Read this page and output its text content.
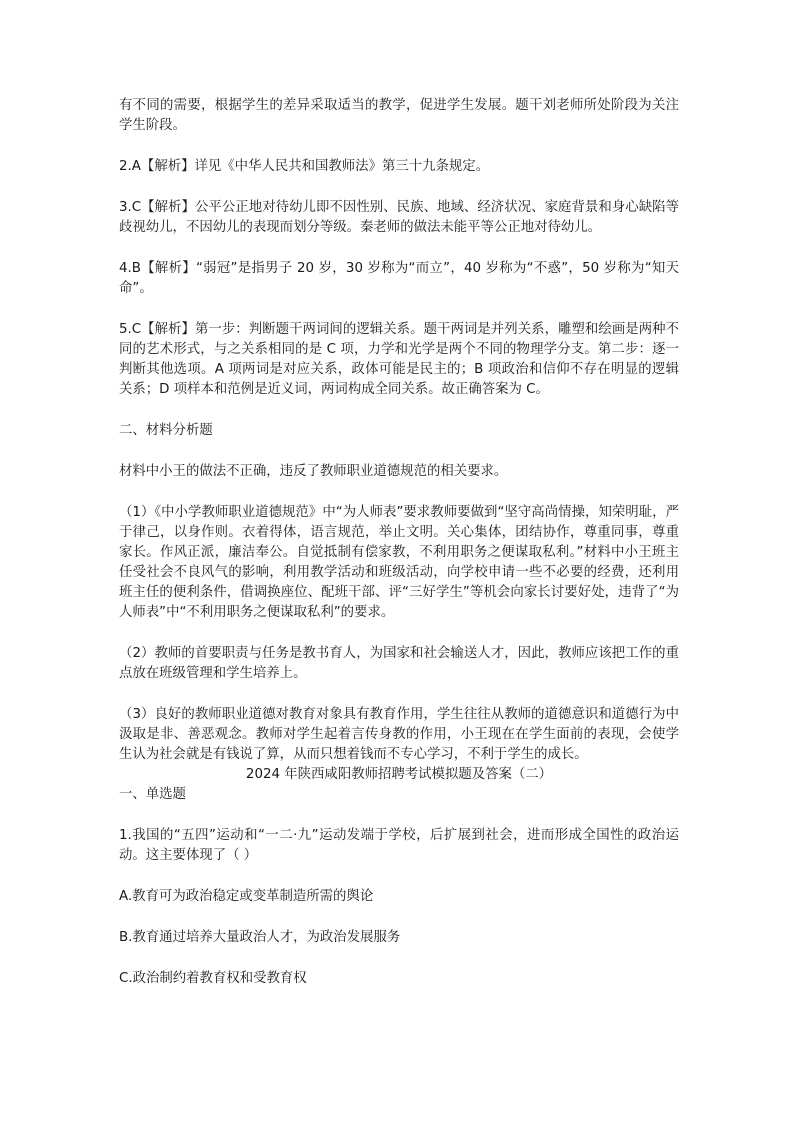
有不同的需要，根据学生的差异采取适当的教学，促进学生发展。题干刘老师所处阶段为关注学生阶段。

2.A【解析】详见《中华人民共和国教师法》第三十九条规定。

3.C【解析】公平公正地对待幼儿即不因性别、民族、地域、经济状况、家庭背景和身心缺陷等歧视幼儿，不因幼儿的表现而划分等级。秦老师的做法未能平等公正地对待幼儿。

4.B【解析】“弱冠”是指男子 20 岁，30 岁称为“而立”，40 岁称为“不惑”，50 岁称为“知天命”。

5.C【解析】第一步：判断题干两词间的逻辑关系。题干两词是并列关系，雕塑和绘画是两种不同的艺术形式，与之关系相同的是 C 项，力学和光学是两个不同的物理学分支。第二步：逐一判断其他选项。A 项两词是对应关系，政体可能是民主的；B 项政治和信仰不存在明显的逻辑关系；D 项样本和范例是近义词，两词构成全同关系。故正确答案为 C。

二、材料分析题

材料中小王的做法不正确，违反了教师职业道德规范的相关要求。

（1）《中小学教师职业道德规范》中“为人师表”要求教师要做到“坚守高尚情操，知荣明耻，严于律己，以身作则。衣着得体，语言规范，举止文明。关心集体，团结协作，尊重同事，尊重家长。作风正派，廉洁奉公。自觉抵制有偿家教，不利用职务之便谋取私利。”材料中小王班主任受社会不良风气的影响，利用教学活动和班级活动，向学校申请一些不必要的经费，还利用班主任的便利条件，借调换座位、配班干部、评“三好学生”等机会向家长讨要好处，违背了“为人师表”中“不利用职务之便谋取私利”的要求。

（2）教师的首要职责与任务是教书育人，为国家和社会输送人才，因此，教师应该把工作的重点放在班级管理和学生培养上。

（3）良好的教师职业道德对教育对象具有教育作用，学生往往从教师的道德意识和道德行为中汲取是非、善恶观念。教师对学生起着言传身教的作用，小王现在在学生面前的表现，会使学生认为社会就是有钱说了算，从而只想着钱而不专心学习，不利于学生的成长。

2024 年陕西咸阳教师招聘考试模拟题及答案（二）

一、单选题

1.我国的“五四”运动和“一二·九”运动发端于学校，后扩展到社会，进而形成全国性的政治运动。这主要体现了（ ）

A.教育可为政治稳定或变革制造所需的舆论

B.教育通过培养大量政治人才，为政治发展服务

C.政治制约着教育权和受教育权
